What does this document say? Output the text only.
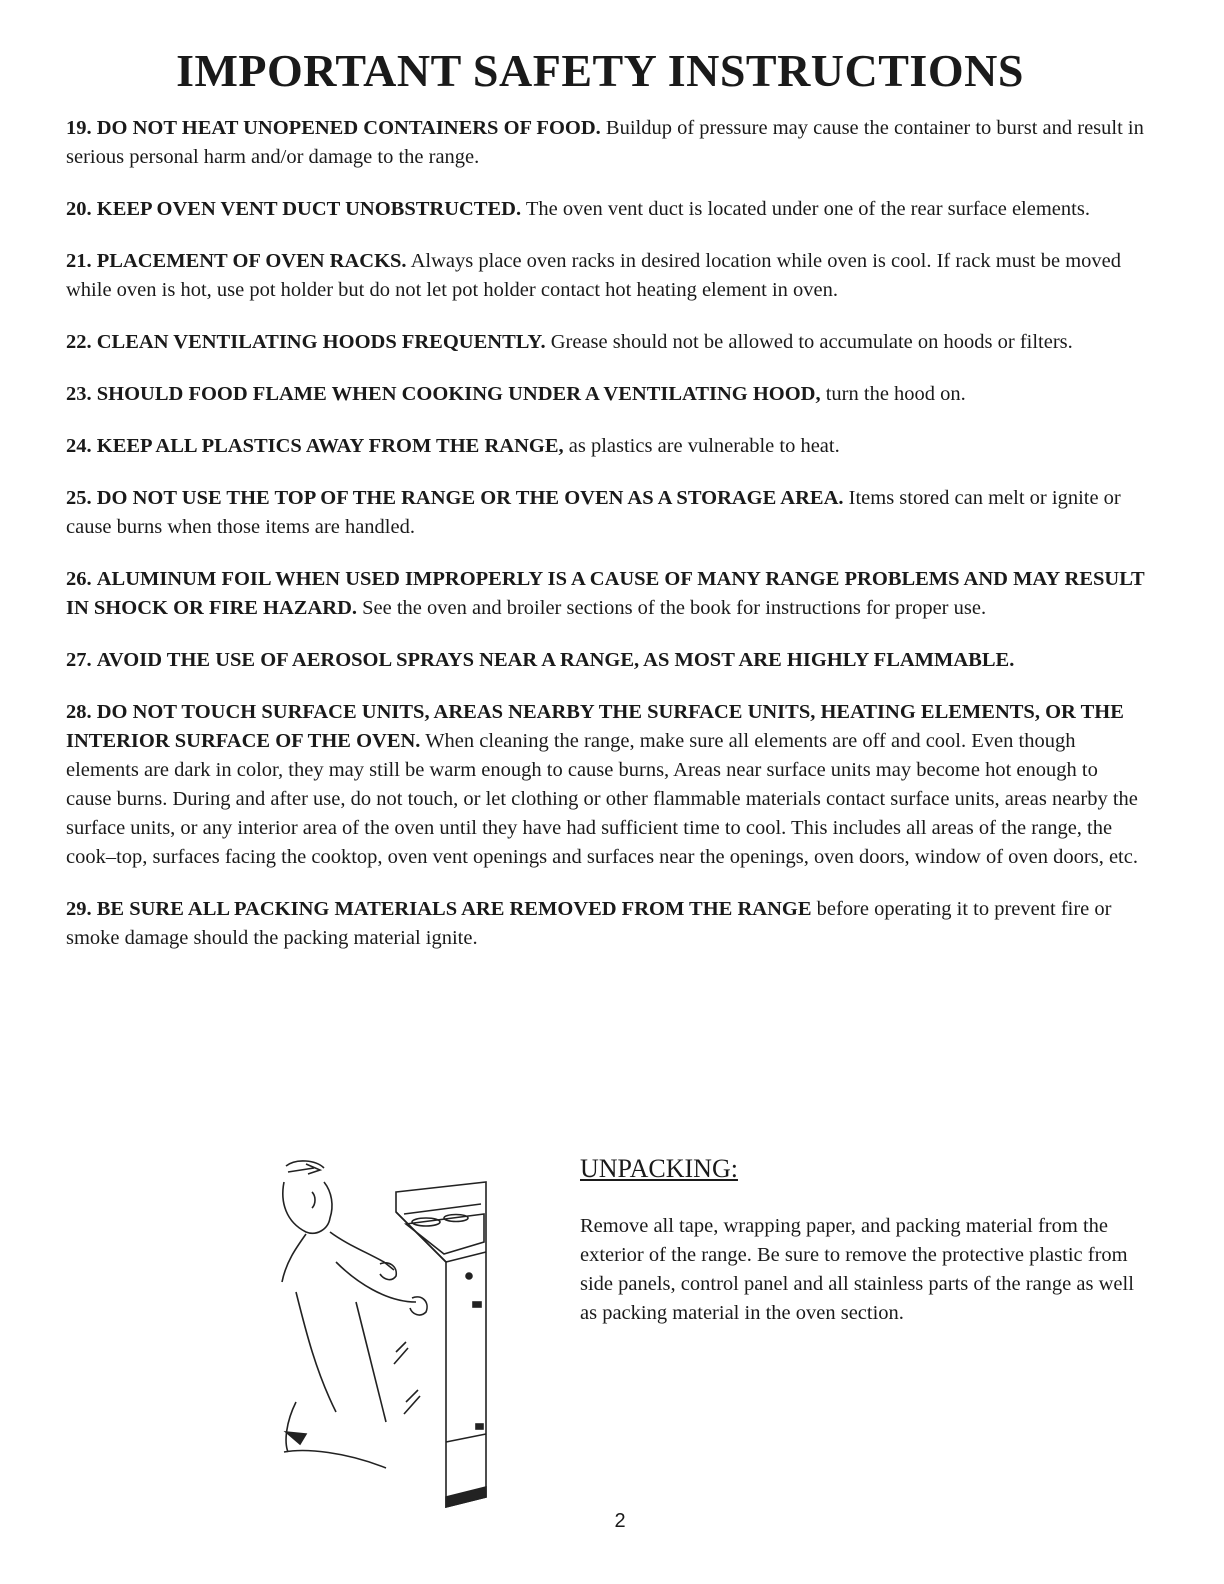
IMPORTANT SAFETY INSTRUCTIONS

19. DO NOT HEAT UNOPENED CONTAINERS OF FOOD. Buildup of pressure may cause the container to burst and result in serious personal harm and/or damage to the range.

20. KEEP OVEN VENT DUCT UNOBSTRUCTED. The oven vent duct is located under one of the rear surface elements.

21. PLACEMENT OF OVEN RACKS. Always place oven racks in desired location while oven is cool. If rack must be moved while oven is hot, use pot holder but do not let pot holder contact hot heating element in oven.

22. CLEAN VENTILATING HOODS FREQUENTLY. Grease should not be allowed to accumulate on hoods or filters.

23. SHOULD FOOD FLAME WHEN COOKING UNDER A VENTILATING HOOD, turn the hood on.

24. KEEP ALL PLASTICS AWAY FROM THE RANGE, as plastics are vulnerable to heat.

25. DO NOT USE THE TOP OF THE RANGE OR THE OVEN AS A STORAGE AREA. Items stored can melt or ignite or cause burns when those items are handled.

26. ALUMINUM FOIL WHEN USED IMPROPERLY IS A CAUSE OF MANY RANGE PROBLEMS AND MAY RESULT IN SHOCK OR FIRE HAZARD. See the oven and broiler sections of the book for instructions for proper use.

27. AVOID THE USE OF AEROSOL SPRAYS NEAR A RANGE, AS MOST ARE HIGHLY FLAMMABLE.

28. DO NOT TOUCH SURFACE UNITS, AREAS NEARBY THE SURFACE UNITS, HEATING ELEMENTS, OR THE INTERIOR SURFACE OF THE OVEN. When cleaning the range, make sure all elements are off and cool. Even though elements are dark in color, they may still be warm enough to cause burns, Areas near surface units may become hot enough to cause burns. During and after use, do not touch, or let clothing or other flammable materials contact surface units, areas nearby the surface units, or any interior area of the oven until they have had sufficient time to cool. This includes all areas of the range, the cook–top, surfaces facing the cooktop, oven vent openings and surfaces near the openings, oven doors, window of oven doors, etc.

29. BE SURE ALL PACKING MATERIALS ARE REMOVED FROM THE RANGE before operating it to prevent fire or smoke damage should the packing material ignite.

UNPACKING:

Remove all tape, wrapping paper, and packing material from the exterior of the range. Be sure to remove the protective plastic from side panels, control panel and all stainless parts of the range as well as packing material in the oven section.

2
